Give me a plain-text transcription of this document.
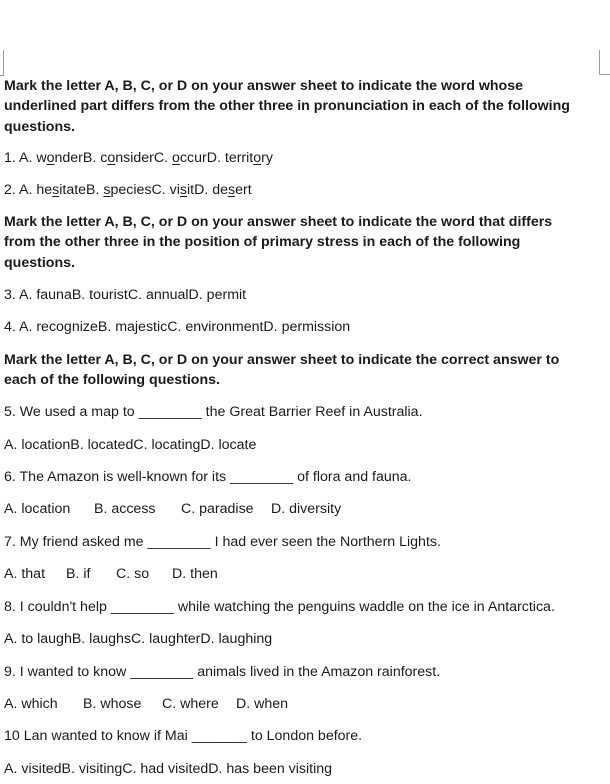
Mark the letter A, B, C, or D on your answer sheet to indicate the word whose

underlined part differs from the other three in pronunciation in each of the following

questions.

1. A. wonderB. considerC. occurD. territory

2. A. hesitateB. speciesC. visitD. desert

Mark the letter A, B, C, or D on your answer sheet to indicate the word that differs

from the other three in the position of primary stress in each of the following

questions.

3. A. faunaB. touristC. annualD. permit

4. A. recognizeB. majesticC. environmentD. permission

Mark the letter A, B, C, or D on your answer sheet to indicate the correct answer to

each of the following questions.

5. We used a map to ________ the Great Barrier Reef in Australia.

A. locationB. locatedC. locatingD. locate

6. The Amazon is well-known for its ________ of flora and fauna.

A. location B. access C. paradise D. diversity

7. My friend asked me ________ I had ever seen the Northern Lights.

A. that B. if C. so D. then

8. I couldn't help ________ while watching the penguins waddle on the ice in Antarctica.

A. to laughB. laughsC. laughterD. laughing

9. I wanted to know ________ animals lived in the Amazon rainforest.

A. which B. whose C. where D. when

10 Lan wanted to know if Mai _______ to London before.

A. visitedB. visitingC. had visitedD. has been visiting
